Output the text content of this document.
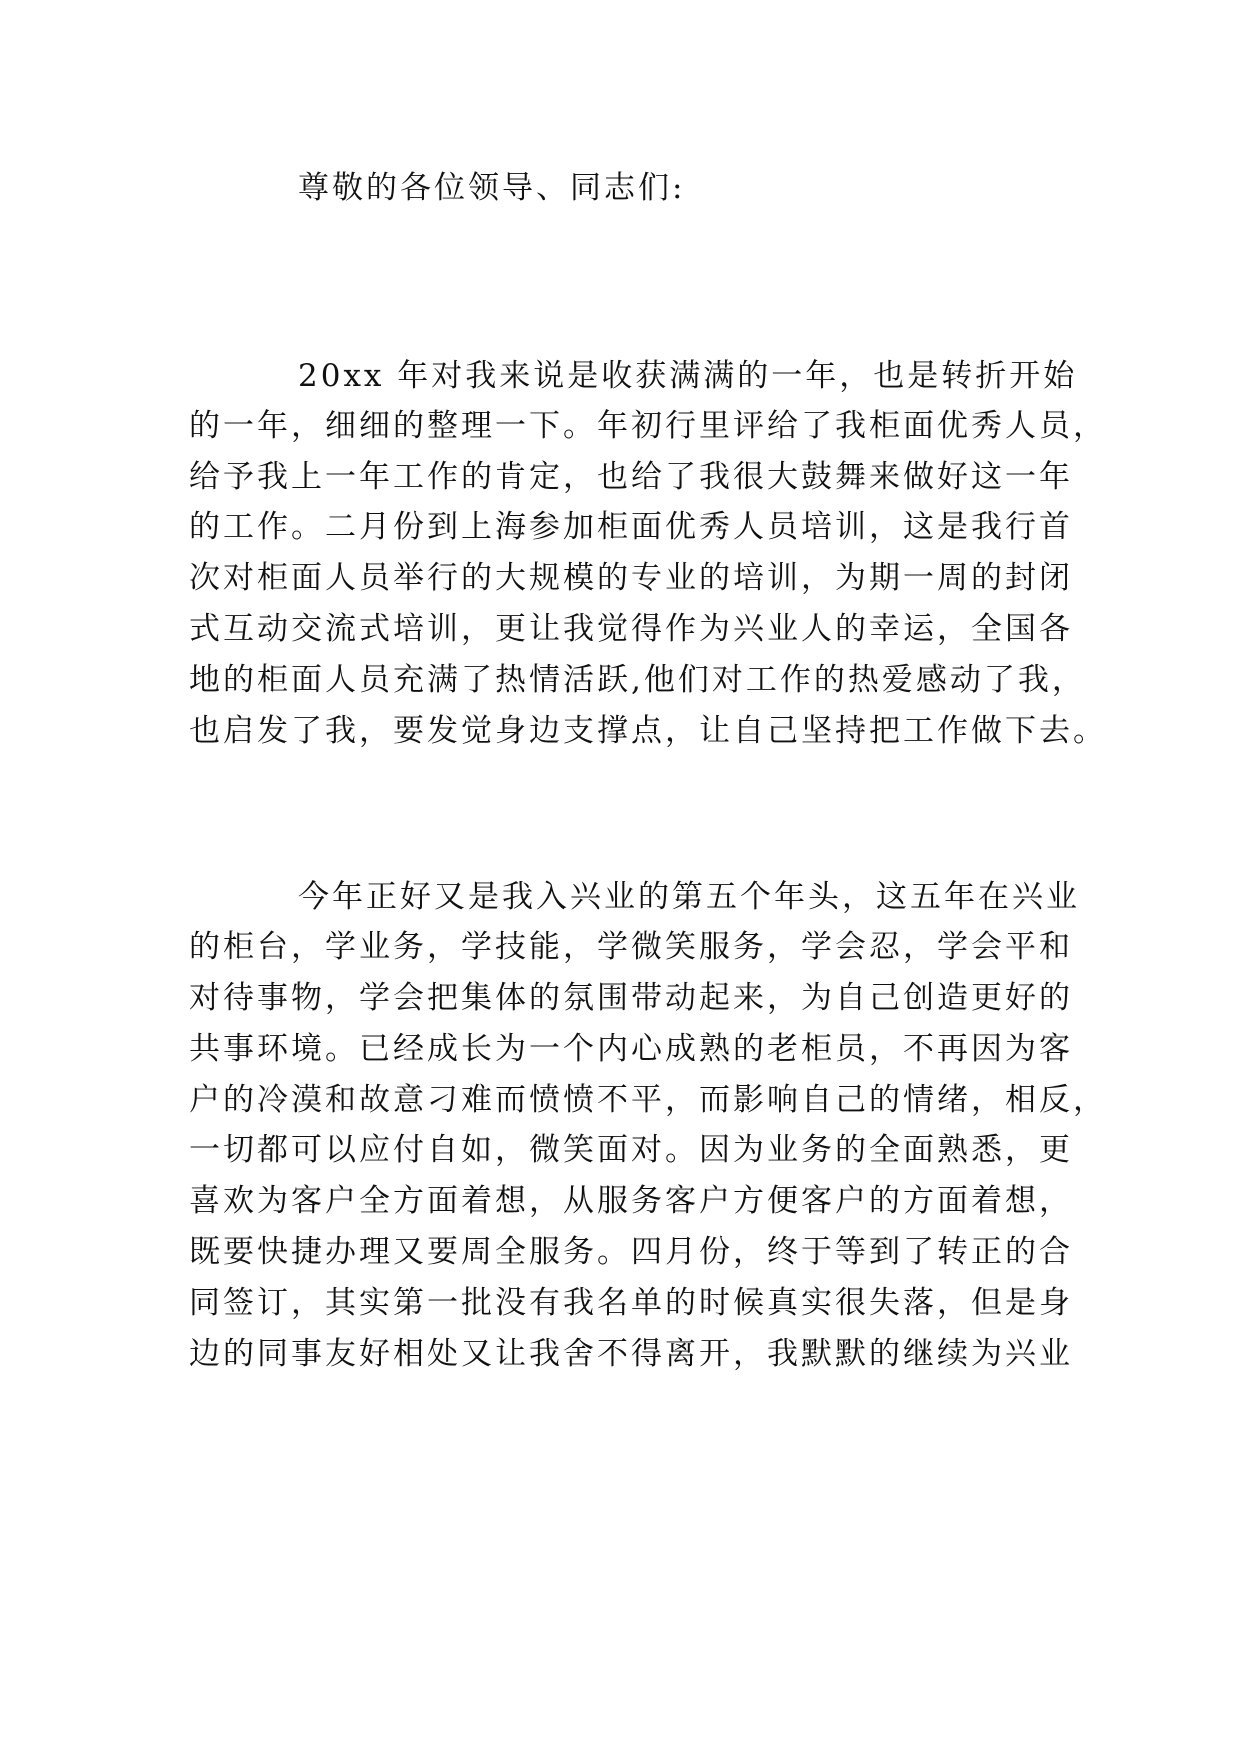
尊敬的各位领导、同志们:
20xx 年对我来说是收获满满的一年，也是转折开始
的一年，细细的整理一下。年初行里评给了我柜面优秀人员，
给予我上一年工作的肯定，也给了我很大鼓舞来做好这一年
的工作。二月份到上海参加柜面优秀人员培训，这是我行首
次对柜面人员举行的大规模的专业的培训，为期一周的封闭
式互动交流式培训，更让我觉得作为兴业人的幸运，全国各
地的柜面人员充满了热情活跃,他们对工作的热爱感动了我，
也启发了我，要发觉身边支撑点，让自己坚持把工作做下去。
今年正好又是我入兴业的第五个年头，这五年在兴业
的柜台，学业务，学技能，学微笑服务，学会忍，学会平和
对待事物，学会把集体的氛围带动起来，为自己创造更好的
共事环境。已经成长为一个内心成熟的老柜员，不再因为客
户的冷漠和故意刁难而愤愤不平，而影响自己的情绪，相反，
一切都可以应付自如，微笑面对。因为业务的全面熟悉，更
喜欢为客户全方面着想，从服务客户方便客户的方面着想，
既要快捷办理又要周全服务。四月份，终于等到了转正的合
同签订，其实第一批没有我名单的时候真实很失落，但是身
边的同事友好相处又让我舍不得离开，我默默的继续为兴业
